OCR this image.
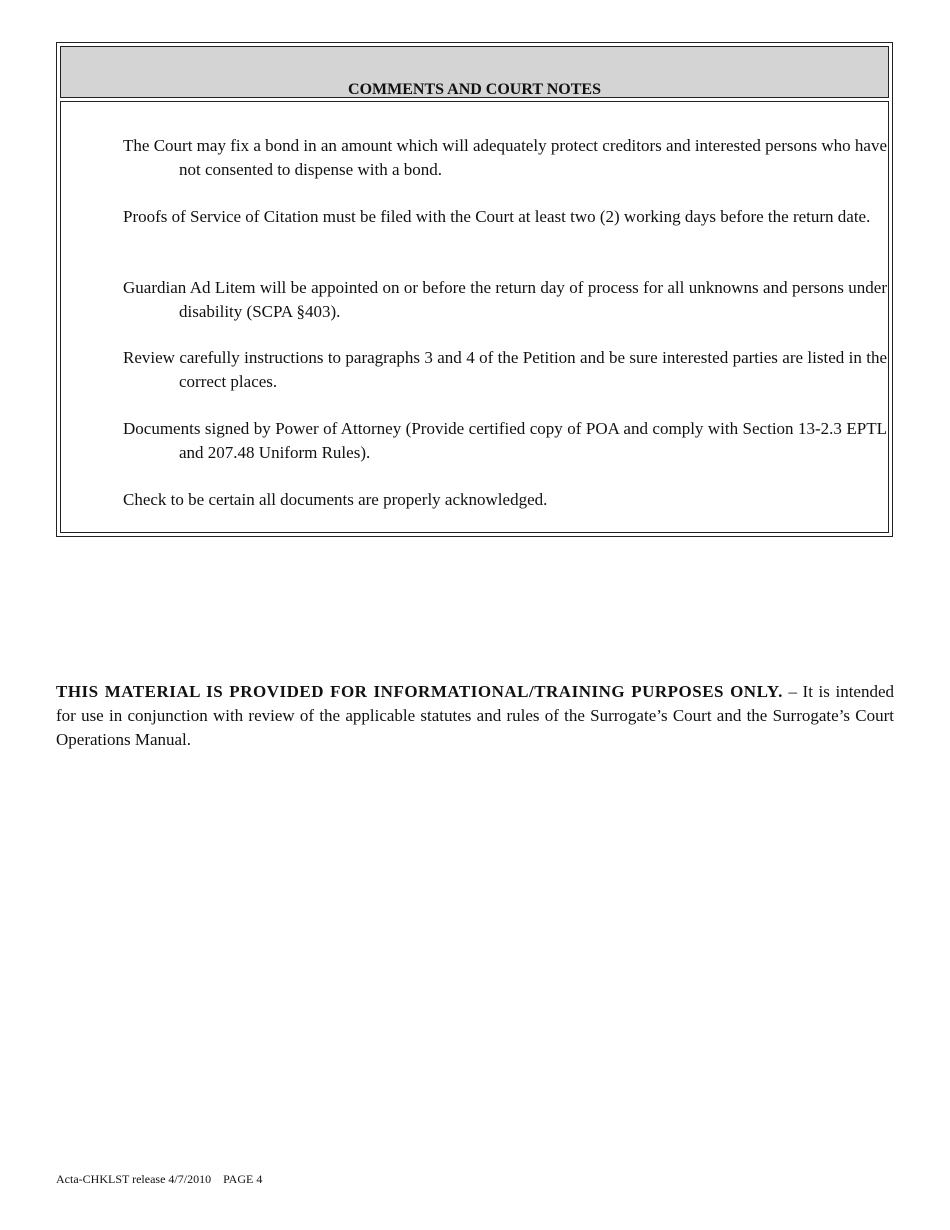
COMMENTS AND COURT NOTES

The Court may fix a bond in an amount which will adequately protect creditors and interested persons who have not consented to dispense with a bond.

Proofs of Service of Citation must be filed with the Court at least two (2) working days before the return date.

Guardian Ad Litem will be appointed on or before the return day of process for all unknowns and persons under disability (SCPA §403).

Review carefully instructions to paragraphs 3 and 4 of the Petition and be sure interested parties are listed in the correct places.

Documents signed by Power of Attorney (Provide certified copy of POA and comply with Section 13-2.3 EPTL and 207.48 Uniform Rules).

Check to be certain all documents are properly acknowledged.

THIS MATERIAL IS PROVIDED FOR INFORMATIONAL/TRAINING PURPOSES ONLY. – It is intended for use in conjunction with review of the applicable statutes and rules of the Surrogate’s Court and the Surrogate’s Court Operations Manual.

Acta-CHKLST release 4/7/2010 PAGE 4
